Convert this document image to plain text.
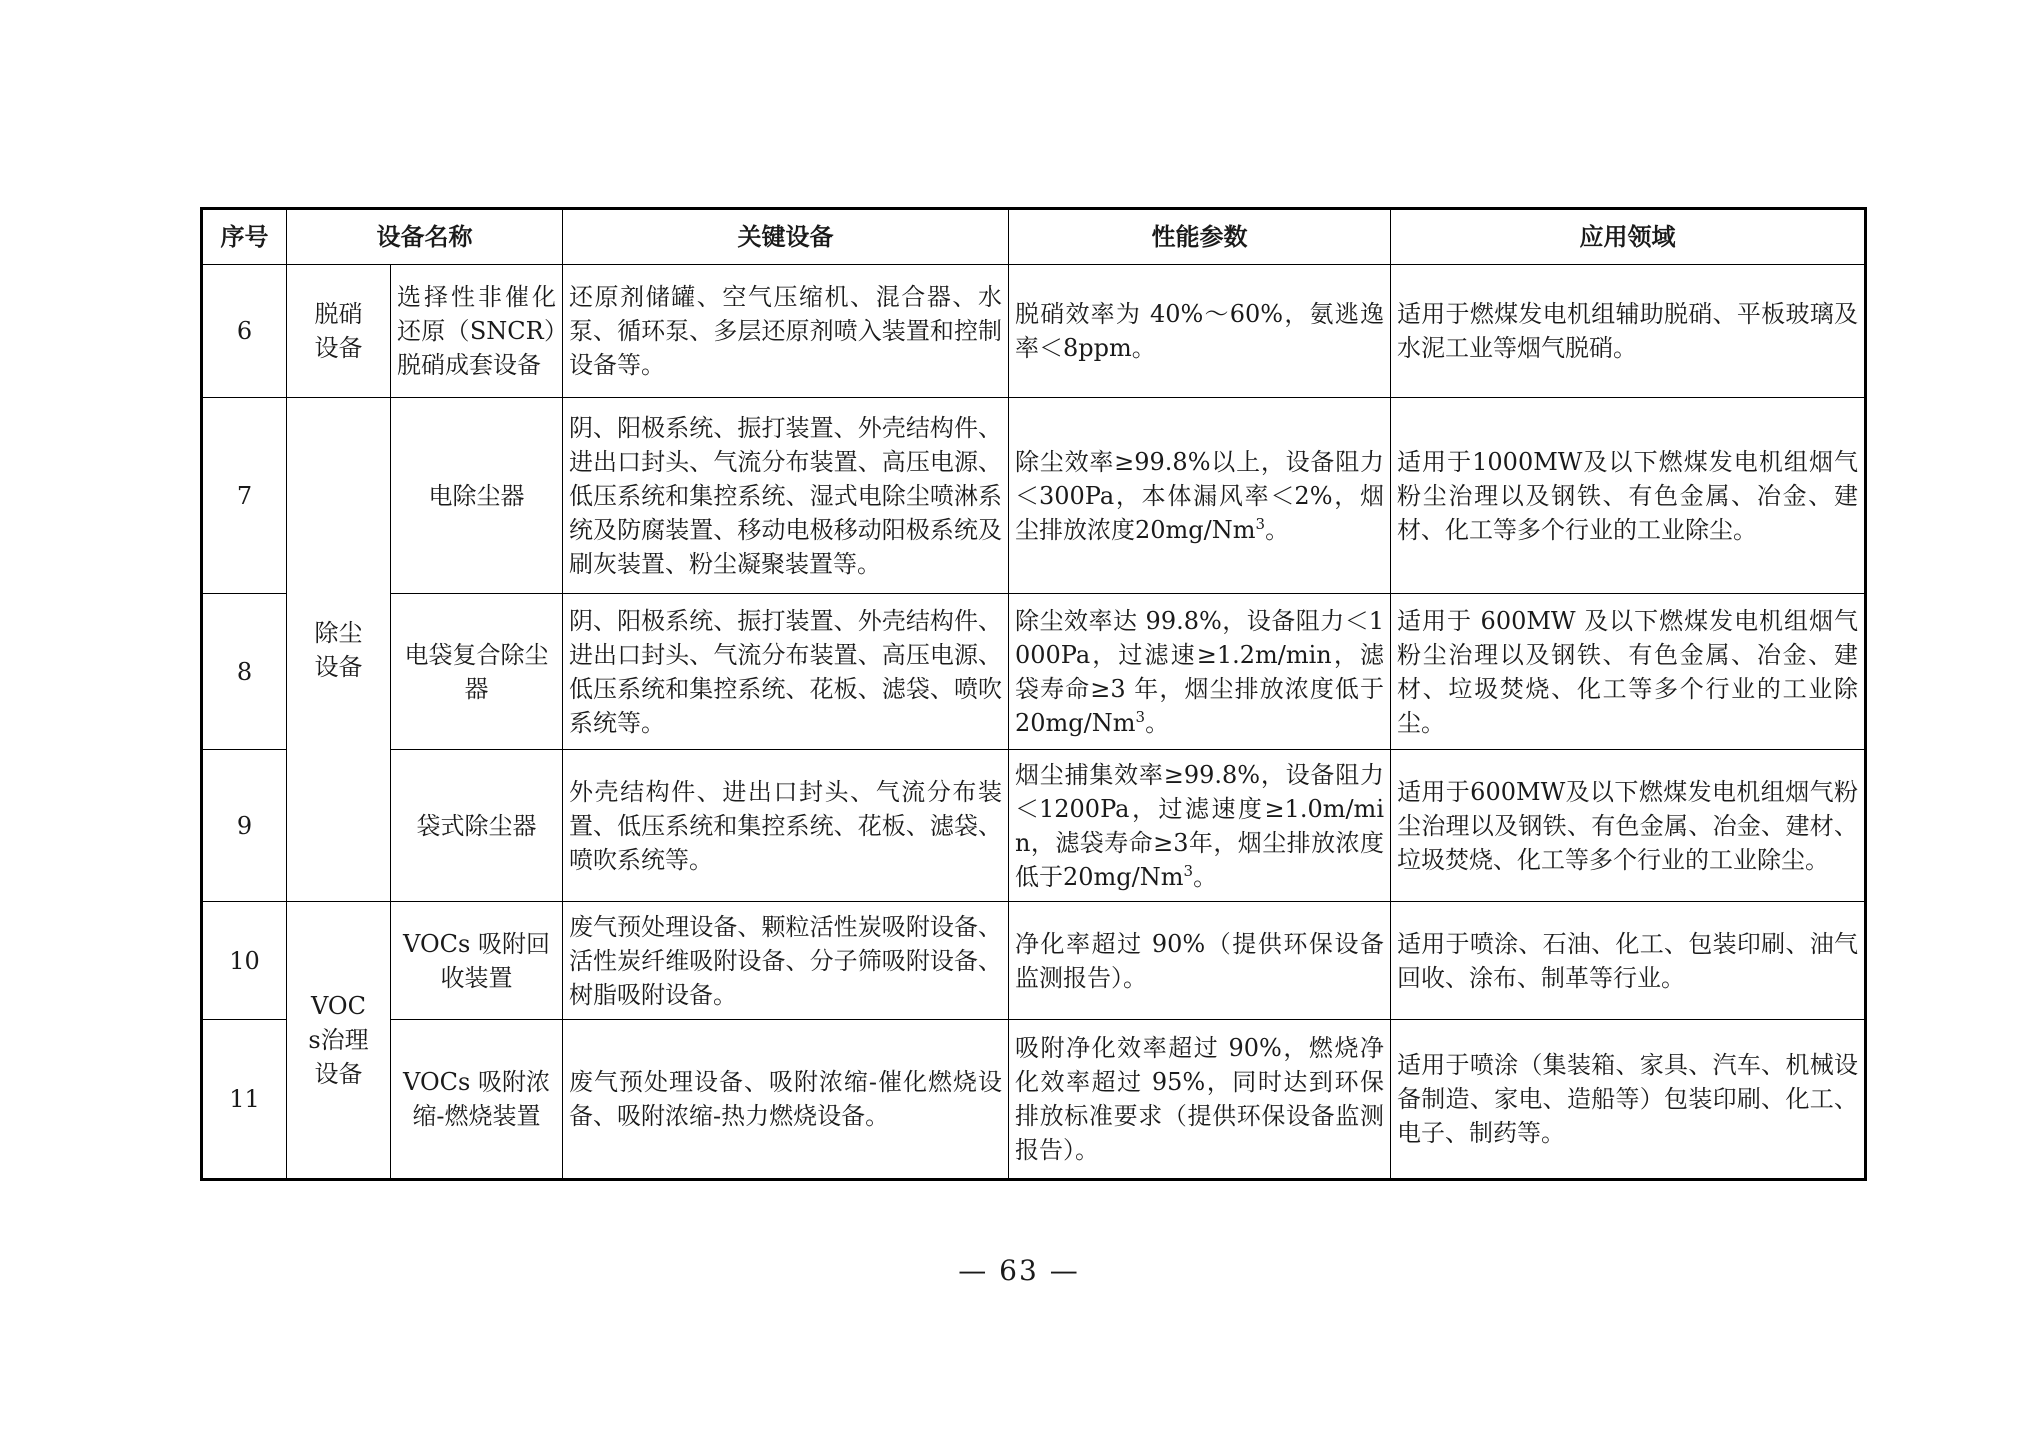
序号	设备名称		关键设备	性能参数	应用领域
6	脱硝设备	选择性非催化还原（SNCR）脱硝成套设备	还原剂储罐、空气压缩机、混合器、水泵、循环泵、多层还原剂喷入装置和控制设备等。	脱硝效率为 40%～60%，氨逃逸率＜8ppm。	适用于燃煤发电机组辅助脱硝、平板玻璃及水泥工业等烟气脱硝。
7	除尘设备	电除尘器	阴、阳极系统、振打装置、外壳结构件、进出口封头、气流分布装置、高压电源、低压系统和集控系统、湿式电除尘喷淋系统及防腐装置、移动电极移动阳极系统及刷灰装置、粉尘凝聚装置等。	除尘效率≥99.8%以上，设备阻力＜300Pa，本体漏风率＜2%，烟尘排放浓度20mg/Nm$^3$。	适用于1000MW及以下燃煤发电机组烟气粉尘治理以及钢铁、有色金属、冶金、建材、化工等多个行业的工业除尘。
8		电袋复合除尘器	阴、阳极系统、振打装置、外壳结构件、进出口封头、气流分布装置、高压电源、低压系统和集控系统、花板、滤袋、喷吹系统等。	除尘效率达 99.8%，设备阻力＜1000Pa，过滤速≥1.2m/min，滤袋寿命≥3 年，烟尘排放浓度低于20mg/Nm$^3$。	适用于 600MW 及以下燃煤发电机组烟气粉尘治理以及钢铁、有色金属、冶金、建材、垃圾焚烧、化工等多个行业的工业除尘。
9		袋式除尘器	外壳结构件、进出口封头、气流分布装置、低压系统和集控系统、花板、滤袋、喷吹系统等。	烟尘捕集效率≥99.8%，设备阻力＜1200Pa，过滤速度≥1.0m/min，滤袋寿命≥3年，烟尘排放浓度低于20mg/Nm$^3$。	适用于600MW及以下燃煤发电机组烟气粉尘治理以及钢铁、有色金属、冶金、建材、垃圾焚烧、化工等多个行业的工业除尘。
10	VOCs治理设备	VOCs 吸附回收装置	废气预处理设备、颗粒活性炭吸附设备、活性炭纤维吸附设备、分子筛吸附设备、树脂吸附设备。	净化率超过 90%（提供环保设备监测报告）。	适用于喷涂、石油、化工、包装印刷、油气回收、涂布、制革等行业。
11		VOCs 吸附浓缩-燃烧装置	废气预处理设备、吸附浓缩-催化燃烧设备、吸附浓缩-热力燃烧设备。	吸附净化效率超过 90%，燃烧净化效率超过 95%，同时达到环保排放标准要求（提供环保设备监测报告）。	适用于喷涂（集装箱、家具、汽车、机械设备制造、家电、造船等）包装印刷、化工、电子、制药等。
— 63 —
